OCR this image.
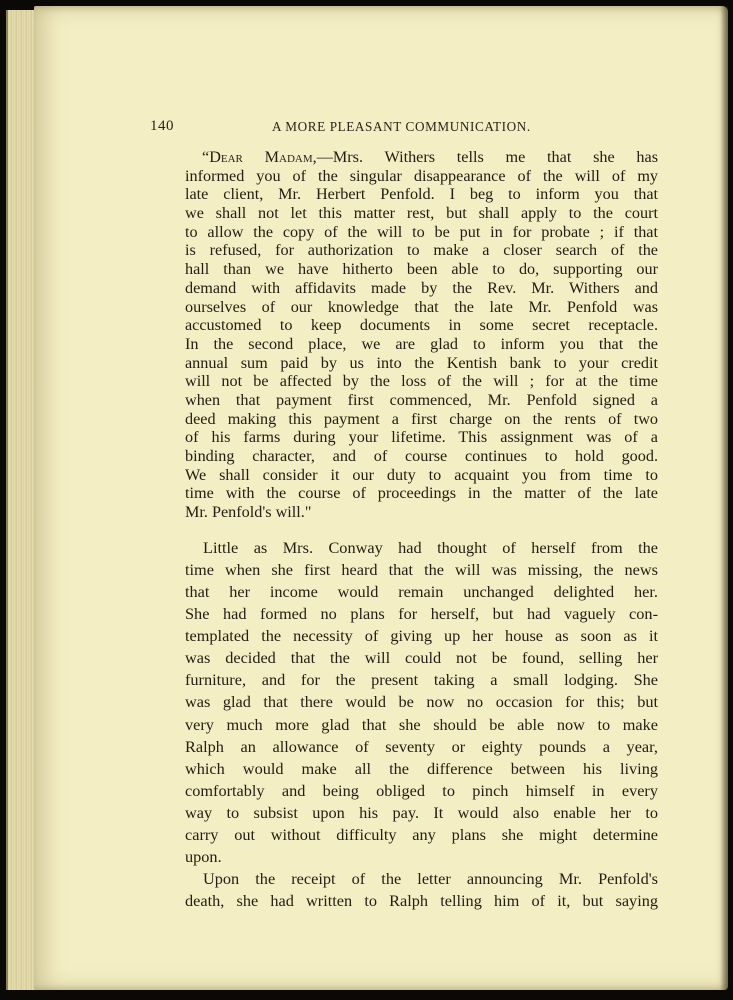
140	A MORE PLEASANT COMMUNICATION.
“Dear Madam,—Mrs. Withers tells me that she has
informed you of the singular disappearance of the will of my
late client, Mr. Herbert Penfold. I beg to inform you that
we shall not let this matter rest, but shall apply to the court
to allow the copy of the will to be put in for probate ; if that
is refused, for authorization to make a closer search of the
hall than we have hitherto been able to do, supporting our
demand with affidavits made by the Rev. Mr. Withers and
ourselves of our knowledge that the late Mr. Penfold was
accustomed to keep documents in some secret receptacle.
In the second place, we are glad to inform you that the
annual sum paid by us into the Kentish bank to your credit
will not be affected by the loss of the will ; for at the time
when that payment first commenced, Mr. Penfold signed a
deed making this payment a first charge on the rents of two
of his farms during your lifetime. This assignment was of a
binding character, and of course continues to hold good.
We shall consider it our duty to acquaint you from time to
time with the course of proceedings in the matter of the late
Mr. Penfold's will."
Little as Mrs. Conway had thought of herself from the
time when she first heard that the will was missing, the news
that her income would remain unchanged delighted her.
She had formed no plans for herself, but had vaguely con-
templated the necessity of giving up her house as soon as it
was decided that the will could not be found, selling her
furniture, and for the present taking a small lodging. She
was glad that there would be now no occasion for this; but
very much more glad that she should be able now to make
Ralph an allowance of seventy or eighty pounds a year,
which would make all the difference between his living
comfortably and being obliged to pinch himself in every
way to subsist upon his pay. It would also enable her to
carry out without difficulty any plans she might determine
upon.
Upon the receipt of the letter announcing Mr. Penfold's
death, she had written to Ralph telling him of it, but saying
